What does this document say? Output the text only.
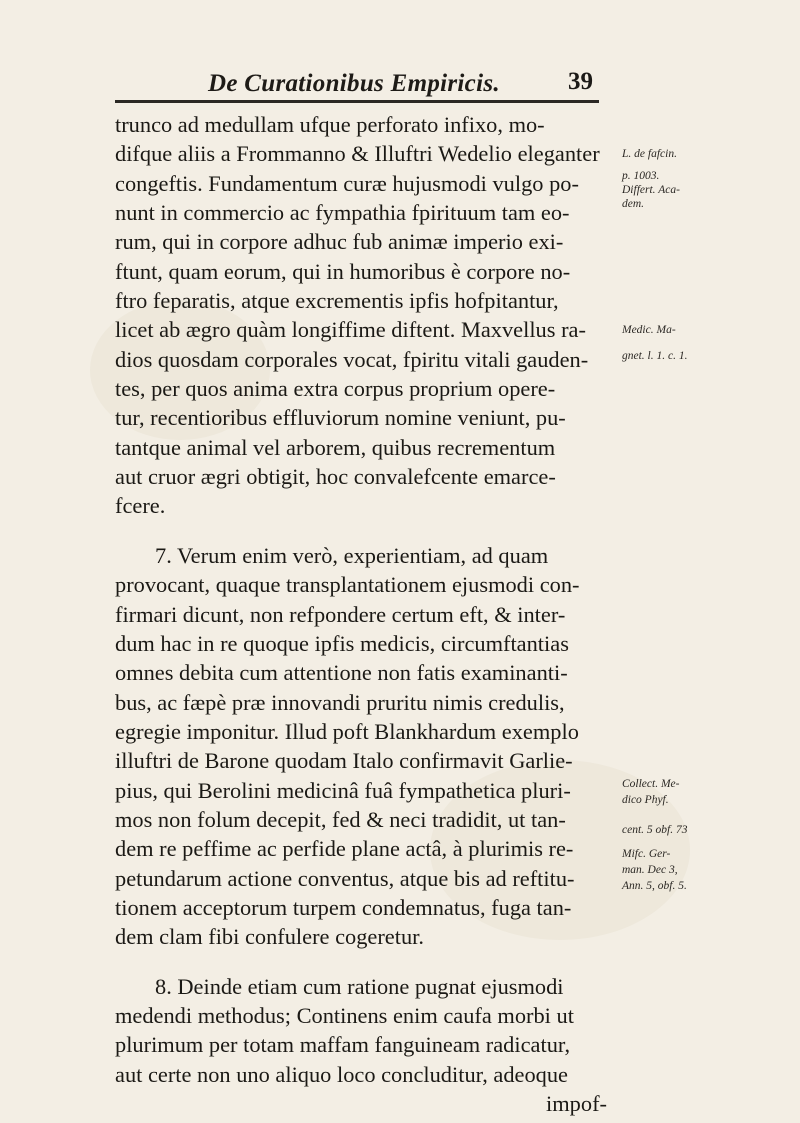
De Curationibus Empiricis.	39
trunco ad medullam ufque perforato infixo, mo-
difque aliis a Frommanno & Illuftri Wedelio eleganter
congeftis. Fundamentum curæ hujusmodi vulgo po-
nunt in commercio ac fympathia fpirituum tam eo-
rum, qui in corpore adhuc fub animæ imperio exi-
ftunt, quam eorum, qui in humoribus è corpore no-
ftro feparatis, atque excrementis ipfis hofpitantur,
licet ab ægro quàm longiffime diftent. Maxvellus ra-
dios quosdam corporales vocat, fpiritu vitali gauden-
tes, per quos anima extra corpus proprium opere-
tur, recentioribus effluviorum nomine veniunt, pu-
tantque animal vel arborem, quibus recrementum
aut cruor ægri obtigit, hoc convalefcente emarce-
fcere.
7. Verum enim verò, experientiam, ad quam
provocant, quaque transplantationem ejusmodi con-
firmari dicunt, non refpondere certum eft, & inter-
dum hac in re quoque ipfis medicis, circumftantias
omnes debita cum attentione non fatis examinanti-
bus, ac fæpè præ innovandi pruritu nimis credulis,
egregie imponitur. Illud poft Blankhardum exemplo
illuftri de Barone quodam Italo confirmavit Garlie-
pius, qui Berolini medicinâ fuâ fympathetica pluri-
mos non folum decepit, fed & neci tradidit, ut tan-
dem re peffime ac perfide plane actâ, à plurimis re-
petundarum actione conventus, atque bis ad reftitu-
tionem acceptorum turpem condemnatus, fuga tan-
dem clam fibi confulere cogeretur.
8. Deinde etiam cum ratione pugnat ejusmodi
medendi methodus; Continens enim caufa morbi ut
plurimum per totam maffam fanguineam radicatur,
aut certe non uno aliquo loco concluditur, adeoque
impof-
L. de fafcin.
p. 1003.
Differt. Aca-
dem.
Medic. Ma-
gnet. l. 1. c. 1.
Collect. Me-
dico Phyf.
cent. 5 obf. 73
Mifc. Ger-
man. Dec 3,
Ann. 5, obf. 5.
